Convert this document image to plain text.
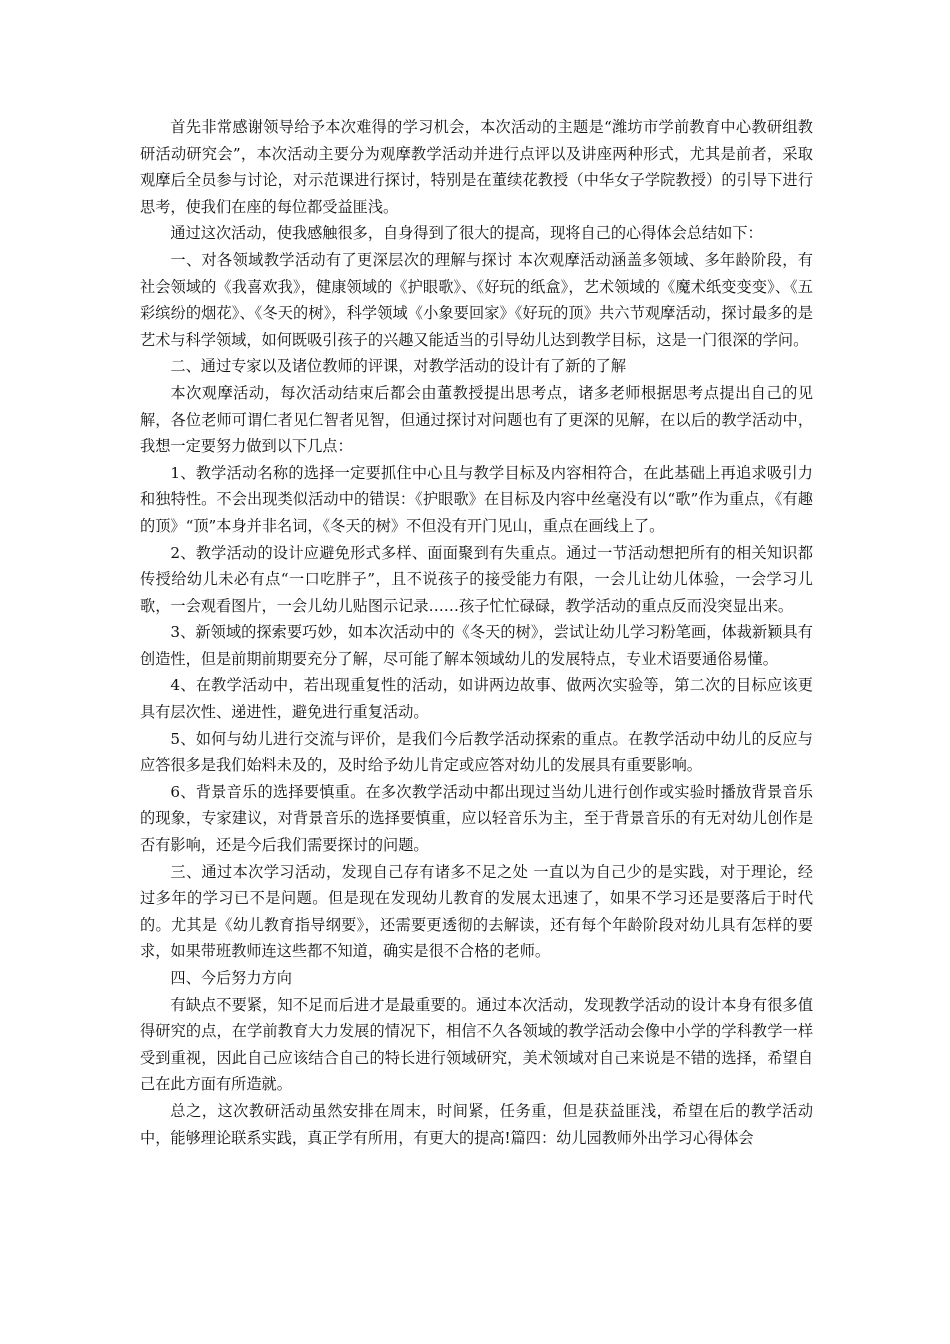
首先非常感谢领导给予本次难得的学习机会，本次活动的主题是“潍坊市学前教育中心教研组教研活动研究会”，本次活动主要分为观摩教学活动并进行点评以及讲座两种形式，尤其是前者，采取观摩后全员参与讨论，对示范课进行探讨，特别是在董续花教授（中华女子学院教授）的引导下进行思考，使我们在座的每位都受益匪浅。

通过这次活动，使我感触很多，自身得到了很大的提高，现将自己的心得体会总结如下：

一、对各领域教学活动有了更深层次的理解与探讨 本次观摩活动涵盖多领域、多年龄阶段，有社会领域的《我喜欢我》，健康领域的《护眼歌》、《好玩的纸盒》，艺术领域的《魔术纸变变变》、《五彩缤纷的烟花》、《冬天的树》，科学领域《小象要回家》《好玩的顶》共六节观摩活动，探讨最多的是艺术与科学领域，如何既吸引孩子的兴趣又能适当的引导幼儿达到教学目标，这是一门很深的学问。

二、通过专家以及诸位教师的评课，对教学活动的设计有了新的了解

本次观摩活动，每次活动结束后都会由董教授提出思考点，诸多老师根据思考点提出自己的见解，各位老师可谓仁者见仁智者见智，但通过探讨对问题也有了更深的见解，在以后的教学活动中，我想一定要努力做到以下几点：

1、教学活动名称的选择一定要抓住中心且与教学目标及内容相符合，在此基础上再追求吸引力和独特性。不会出现类似活动中的错误：《护眼歌》在目标及内容中丝毫没有以“歌”作为重点，《有趣的顶》“顶”本身并非名词，《冬天的树》不但没有开门见山，重点在画线上了。

2、教学活动的设计应避免形式多样、面面聚到有失重点。通过一节活动想把所有的相关知识都传授给幼儿未必有点“一口吃胖子”，且不说孩子的接受能力有限，一会儿让幼儿体验，一会学习儿歌，一会观看图片，一会儿幼儿贴图示记录……孩子忙忙碌碌，教学活动的重点反而没突显出来。

3、新领域的探索要巧妙，如本次活动中的《冬天的树》，尝试让幼儿学习粉笔画，体裁新颖具有创造性，但是前期前期要充分了解，尽可能了解本领域幼儿的发展特点，专业术语要通俗易懂。

4、在教学活动中，若出现重复性的活动，如讲两边故事、做两次实验等，第二次的目标应该更具有层次性、递进性，避免进行重复活动。

5、如何与幼儿进行交流与评价，是我们今后教学活动探索的重点。在教学活动中幼儿的反应与应答很多是我们始料未及的，及时给予幼儿肯定或应答对幼儿的发展具有重要影响。

6、背景音乐的选择要慎重。在多次教学活动中都出现过当幼儿进行创作或实验时播放背景音乐的现象，专家建议，对背景音乐的选择要慎重，应以轻音乐为主，至于背景音乐的有无对幼儿创作是否有影响，还是今后我们需要探讨的问题。

三、通过本次学习活动，发现自己存有诸多不足之处 一直以为自己少的是实践，对于理论，经过多年的学习已不是问题。但是现在发现幼儿教育的发展太迅速了，如果不学习还是要落后于时代的。尤其是《幼儿教育指导纲要》，还需要更透彻的去解读，还有每个年龄阶段对幼儿具有怎样的要求，如果带班教师连这些都不知道，确实是很不合格的老师。

四、今后努力方向

有缺点不要紧，知不足而后进才是最重要的。通过本次活动，发现教学活动的设计本身有很多值得研究的点，在学前教育大力发展的情况下，相信不久各领域的教学活动会像中小学的学科教学一样受到重视，因此自己应该结合自己的特长进行领域研究，美术领域对自己来说是不错的选择，希望自己在此方面有所造就。

总之，这次教研活动虽然安排在周末，时间紧，任务重，但是获益匪浅，希望在后的教学活动中，能够理论联系实践，真正学有所用，有更大的提高!篇四：幼儿园教师外出学习心得体会
